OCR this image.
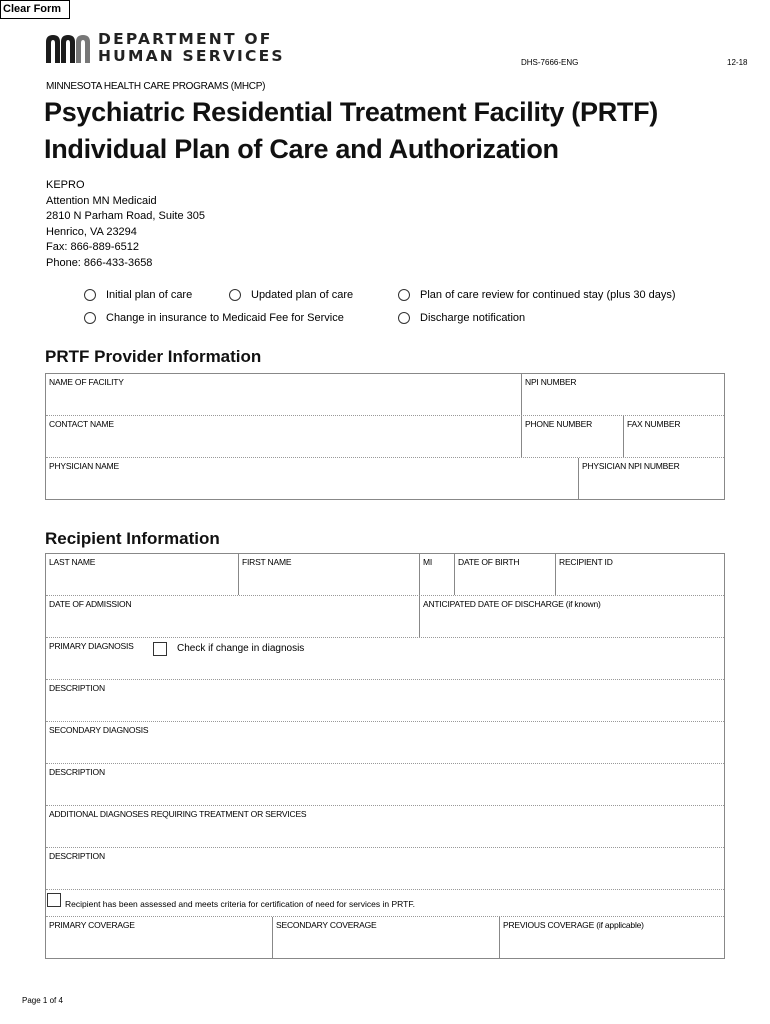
Clear Form
DEPARTMENT OF
HUMAN SERVICES	DHS-7666-ENG	12-18
MINNESOTA HEALTH CARE PROGRAMS (MHCP)
Psychiatric Residential Treatment Facility (PRTF)
Individual Plan of Care and Authorization
KEPRO
Attention MN Medicaid
2810 N Parham Road, Suite 305
Henrico, VA 23294
Fax: 866-889-6512
Phone: 866-433-3658
Initial plan of care	Updated plan of care	Plan of care review for continued stay (plus 30 days)
Change in insurance to Medicaid Fee for Service	Discharge notification
PRTF Provider Information
NAME OF FACILITY	NPI NUMBER
CONTACT NAME	PHONE NUMBER	FAX NUMBER
PHYSICIAN NAME	PHYSICIAN NPI NUMBER
Recipient Information
LAST NAME	FIRST NAME	MI	DATE OF BIRTH	RECIPIENT ID
DATE OF ADMISSION	ANTICIPATED DATE OF DISCHARGE (if known)
PRIMARY DIAGNOSIS	Check if change in diagnosis
DESCRIPTION
SECONDARY DIAGNOSIS
DESCRIPTION
ADDITIONAL DIAGNOSES REQUIRING TREATMENT OR SERVICES
DESCRIPTION
Recipient has been assessed and meets criteria for certification of need for services in PRTF.
PRIMARY COVERAGE	SECONDARY COVERAGE	PREVIOUS COVERAGE (if applicable)
Page 1 of 4
